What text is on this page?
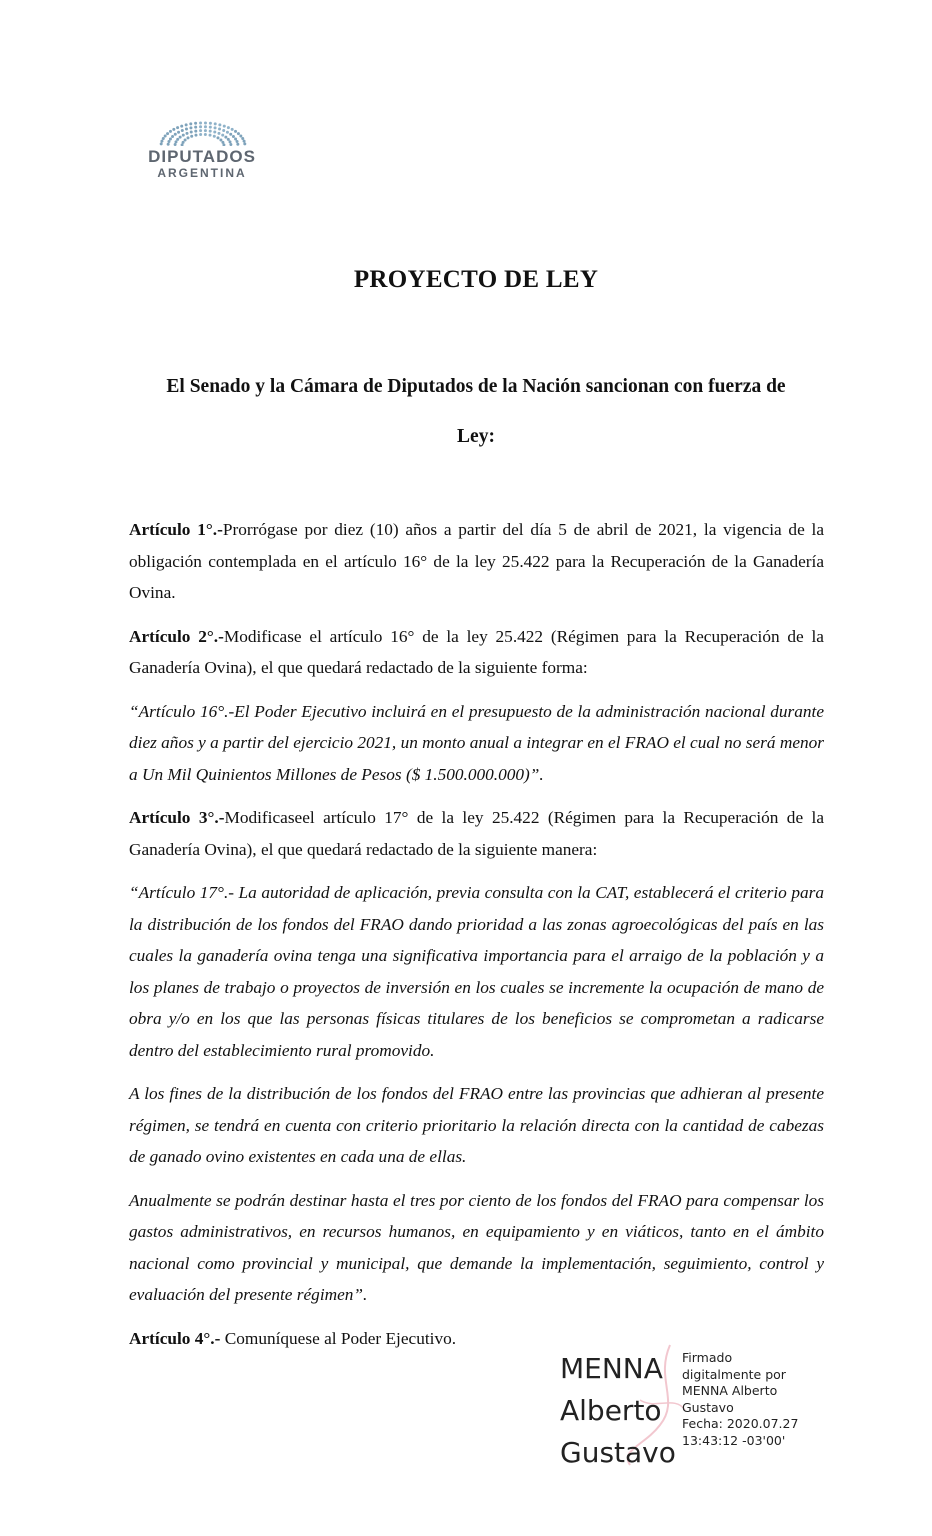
DIPUTADOS
ARGENTINA
PROYECTO DE LEY
El Senado y la Cámara de Diputados de la Nación sancionan con fuerza de
Ley:

Artículo 1°.-Prorrógase por diez (10) años a partir del día 5 de abril de 2021, la vigencia de la obligación contemplada en el artículo 16° de la ley 25.422 para la Recuperación de la Ganadería Ovina.

Artículo 2°.-Modificase el artículo 16° de la ley 25.422 (Régimen para la Recuperación de la Ganadería Ovina), el que quedará redactado de la siguiente forma:

“Artículo 16°.-El Poder Ejecutivo incluirá en el presupuesto de la administración nacional durante diez años y a partir del ejercicio 2021, un monto anual a integrar en el FRAO el cual no será menor a Un Mil Quinientos Millones de Pesos ($ 1.500.000.000)”.

Artículo 3°.-Modificaseel artículo 17° de la ley 25.422 (Régimen para la Recuperación de la Ganadería Ovina), el que quedará redactado de la siguiente manera:

“Artículo 17°.- La autoridad de aplicación, previa consulta con la CAT, establecerá el criterio para la distribución de los fondos del FRAO dando prioridad a las zonas agroecológicas del país en las cuales la ganadería ovina tenga una significativa importancia para el arraigo de la población y a los planes de trabajo o proyectos de inversión en los cuales se incremente la ocupación de mano de obra y/o en los que las personas físicas titulares de los beneficios se comprometan a radicarse dentro del establecimiento rural promovido.

A los fines de la distribución de los fondos del FRAO entre las provincias que adhieran al presente régimen, se tendrá en cuenta con criterio prioritario la relación directa con la cantidad de cabezas de ganado ovino existentes en cada una de ellas.

Anualmente se podrán destinar hasta el tres por ciento de los fondos del FRAO para compensar los gastos administrativos, en recursos humanos, en equipamiento y en viáticos, tanto en el ámbito nacional como provincial y municipal, que demande la implementación, seguimiento, control y evaluación del presente régimen”.

Artículo 4°.- Comuníquese al Poder Ejecutivo.

MENNA
Alberto
Gustavo
Firmado
digitalmente por
MENNA Alberto
Gustavo
Fecha: 2020.07.27
13:43:12 -03'00'
